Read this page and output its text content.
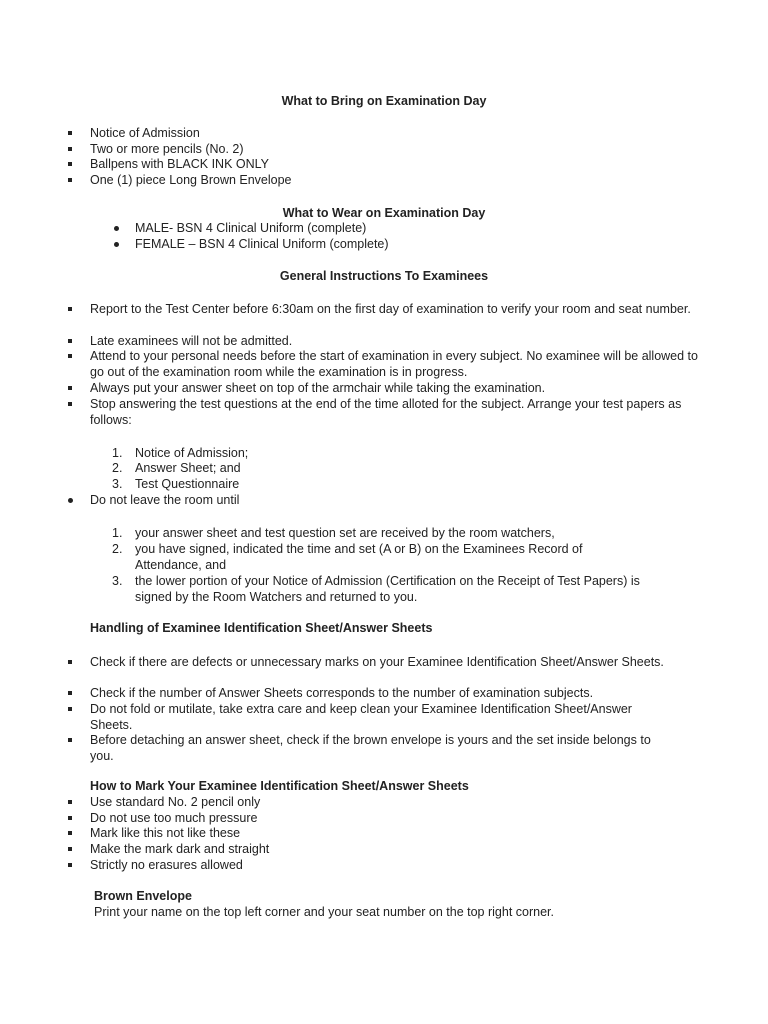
What to Bring on Examination Day
Notice of Admission
Two or more pencils (No. 2)
Ballpens with BLACK INK ONLY
One (1) piece Long Brown Envelope
What to Wear on Examination Day
MALE- BSN 4 Clinical Uniform (complete)
FEMALE – BSN 4 Clinical Uniform (complete)
General Instructions To Examinees
Report to the Test Center before 6:30am on the first day of examination to verify your room and seat number.
Late examinees will not be admitted.
Attend to your personal needs before the start of examination in every subject. No examinee will be allowed to go out of the examination room while the examination is in progress.
Always put your answer sheet on top of the armchair while taking the examination.
Stop answering the test questions at the end of the time alloted for the subject. Arrange your test papers as follows:
1.	Notice of Admission;
2.	Answer Sheet; and
3.	Test Questionnaire
Do not leave the room until
1.	your answer sheet and test question set are received by the room watchers,
2.	you have signed, indicated the time and set (A or B) on the Examinees Record of Attendance, and
3.	the lower portion of your Notice of Admission (Certification on the Receipt of Test Papers) is signed by the Room Watchers and returned to you.
Handling of Examinee Identification Sheet/Answer Sheets
Check if there are defects or unnecessary marks on your Examinee Identification Sheet/Answer Sheets.
Check if the number of Answer Sheets corresponds to the number of examination subjects.
Do not fold or mutilate, take extra care and keep clean your Examinee Identification Sheet/Answer Sheets.
Before detaching an answer sheet, check if the brown envelope is yours and the set inside belongs to you.
How to Mark Your Examinee Identification Sheet/Answer Sheets
Use standard No. 2 pencil only
Do not use too much pressure
Mark like this not like these
Make the mark dark and straight
Strictly no erasures allowed
Brown Envelope
Print your name on the top left corner and your seat number on the top right corner.
